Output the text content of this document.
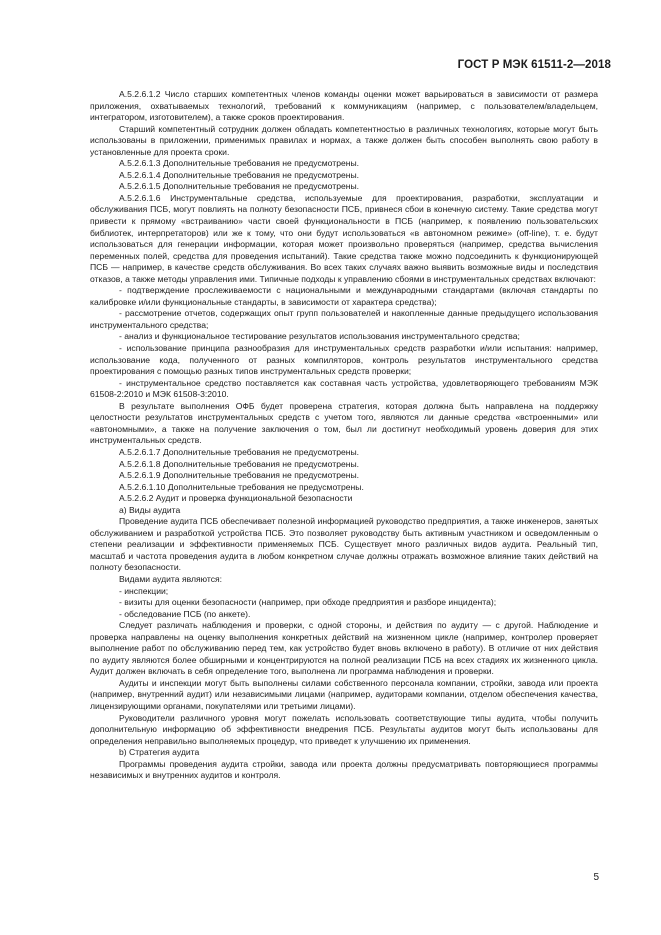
ГОСТ Р МЭК 61511-2—2018

А.5.2.6.1.2 Число старших компетентных членов команды оценки может варьироваться в зависимости от размера приложения, охватываемых технологий, требований к коммуникациям (например, с пользователем/владельцем, интегратором, изготовителем), а также сроков проектирования.

Старший компетентный сотрудник должен обладать компетентностью в различных технологиях, которые могут быть использованы в приложении, применимых правилах и нормах, а также должен быть способен выполнять свою работу в установленные для проекта сроки.

А.5.2.6.1.3 Дополнительные требования не предусмотрены.

А.5.2.6.1.4 Дополнительные требования не предусмотрены.

А.5.2.6.1.5 Дополнительные требования не предусмотрены.

А.5.2.6.1.6 Инструментальные средства, используемые для проектирования, разработки, эксплуатации и обслуживания ПСБ, могут повлиять на полноту безопасности ПСБ, привнеся сбои в конечную систему. Такие средства могут привести к прямому «встраиванию» части своей функциональности в ПСБ (например, к появлению пользовательских библиотек, интерпретаторов) или же к тому, что они будут использоваться «в автономном режиме» (off-line), т. е. будут использоваться для генерации информации, которая может произвольно проверяться (например, средства вычисления переменных полей, средства для проведения испытаний). Такие средства также можно подсоединить к функционирующей ПСБ — например, в качестве средств обслуживания. Во всех таких случаях важно выявить возможные виды и последствия отказов, а также методы управления ими. Типичные подходы к управлению сбоями в инструментальных средствах включают:

- подтверждение прослеживаемости с национальными и международными стандартами (включая стандарты по калибровке и/или функциональные стандарты, в зависимости от характера средства);

- рассмотрение отчетов, содержащих опыт групп пользователей и накопленные данные предыдущего использования инструментального средства;

- анализ и функциональное тестирование результатов использования инструментального средства;

- использование принципа разнообразия для инструментальных средств разработки и/или испытания: например, использование кода, полученного от разных компиляторов, контроль результатов инструментального средства проектирования с помощью разных типов инструментальных средств проверки;

- инструментальное средство поставляется как составная часть устройства, удовлетворяющего требованиям МЭК 61508-2:2010 и МЭК 61508-3:2010.

В результате выполнения ОФБ будет проверена стратегия, которая должна быть направлена на поддержку целостности результатов инструментальных средств с учетом того, являются ли данные средства «встроенными» или «автономными», а также на получение заключения о том, был ли достигнут необходимый уровень доверия для этих инструментальных средств.

А.5.2.6.1.7 Дополнительные требования не предусмотрены.

А.5.2.6.1.8 Дополнительные требования не предусмотрены.

А.5.2.6.1.9 Дополнительные требования не предусмотрены.

А.5.2.6.1.10 Дополнительные требования не предусмотрены.

А.5.2.6.2 Аудит и проверка функциональной безопасности

а) Виды аудита

Проведение аудита ПСБ обеспечивает полезной информацией руководство предприятия, а также инженеров, занятых обслуживанием и разработкой устройства ПСБ. Это позволяет руководству быть активным участником и осведомленным о степени реализации и эффективности применяемых ПСБ. Существует много различных видов аудита. Реальный тип, масштаб и частота проведения аудита в любом конкретном случае должны отражать возможное влияние таких действий на полноту безопасности.

Видами аудита являются:

- инспекции;

- визиты для оценки безопасности (например, при обходе предприятия и разборе инцидента);

- обследование ПСБ (по анкете).

Следует различать наблюдения и проверки, с одной стороны, и действия по аудиту — с другой. Наблюдение и проверка направлены на оценку выполнения конкретных действий на жизненном цикле (например, контролер проверяет выполнение работ по обслуживанию перед тем, как устройство будет вновь включено в работу). В отличие от них действия по аудиту являются более обширными и концентрируются на полной реализации ПСБ на всех стадиях их жизненного цикла. Аудит должен включать в себя определение того, выполнена ли программа наблюдения и проверки.

Аудиты и инспекции могут быть выполнены силами собственного персонала компании, стройки, завода или проекта (например, внутренний аудит) или независимыми лицами (например, аудиторами компании, отделом обеспечения качества, лицензирующими органами, покупателями или третьими лицами).

Руководители различного уровня могут пожелать использовать соответствующие типы аудита, чтобы получить дополнительную информацию об эффективности внедрения ПСБ. Результаты аудитов могут быть использованы для определения неправильно выполняемых процедур, что приведет к улучшению их применения.

b) Стратегия аудита

Программы проведения аудита стройки, завода или проекта должны предусматривать повторяющиеся программы независимых и внутренних аудитов и контроля.

5
